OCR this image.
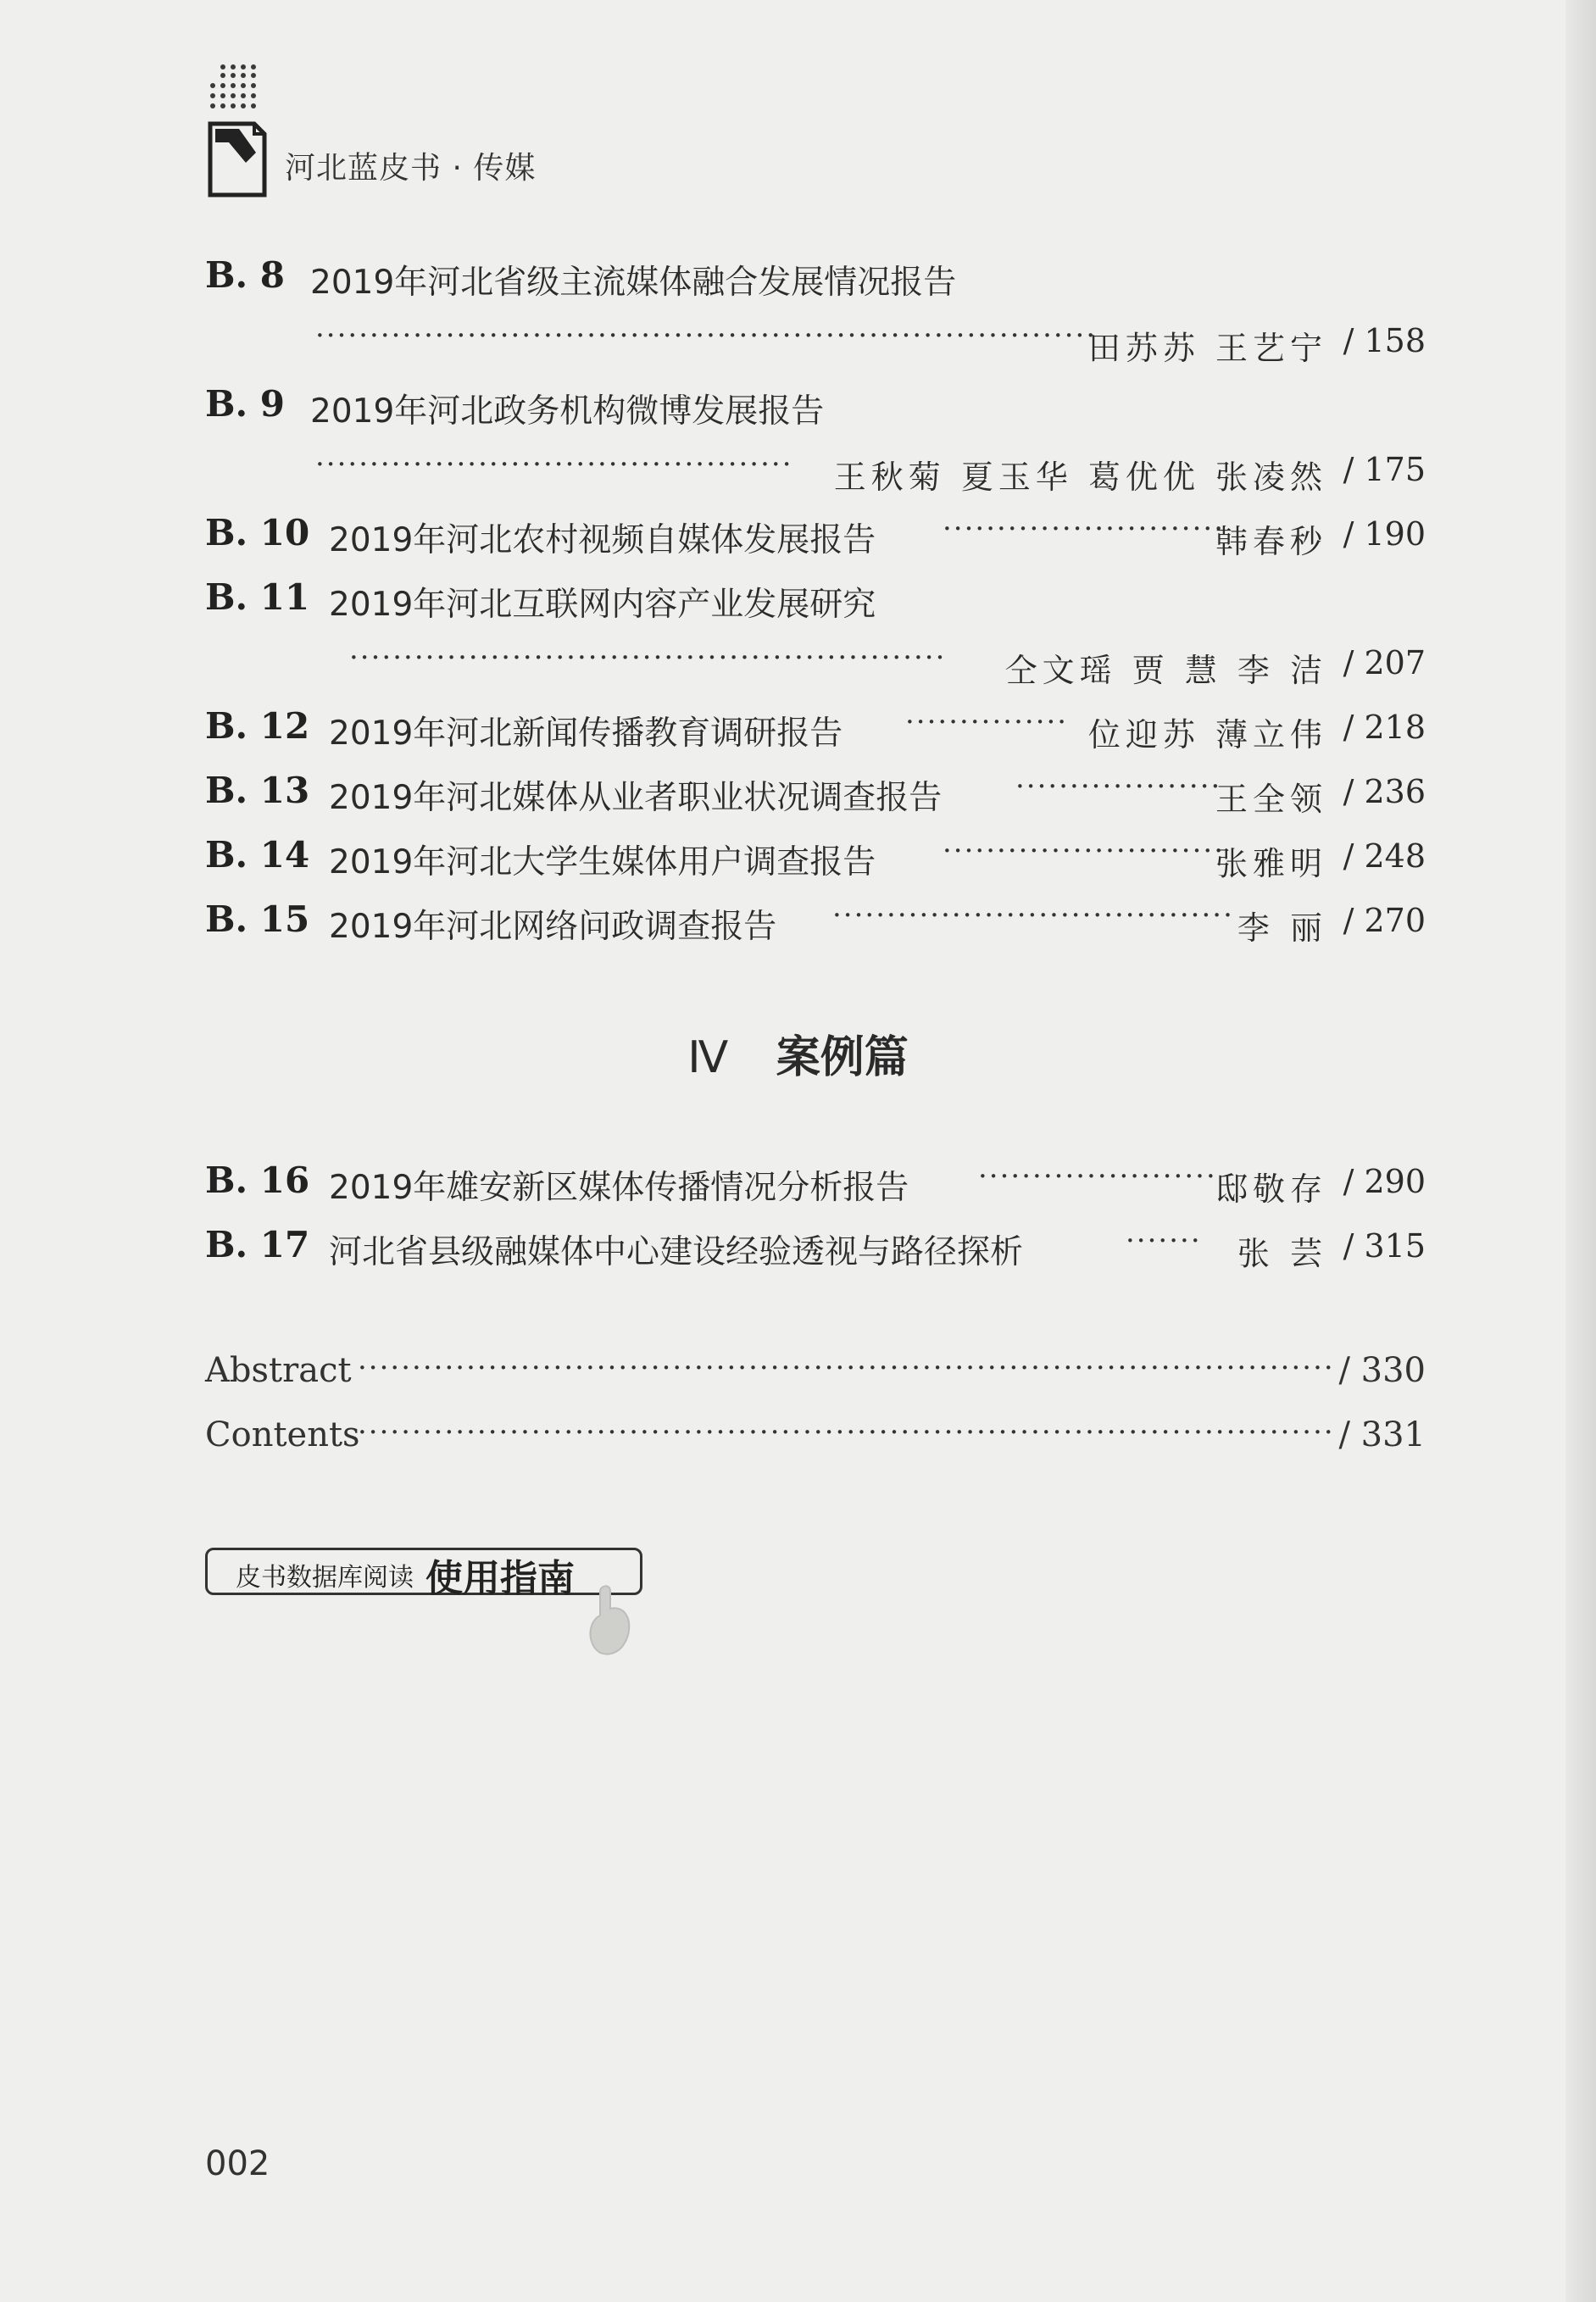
河北蓝皮书 · 传媒
B. 8 2019年河北省级主流媒体融合发展情况报告
········································································
田苏苏 王艺宁 / 158
B. 9 2019年河北政务机构微博发展报告
············································ 王秋菊 夏玉华 葛优优 张凌然 / 175
B. 10 2019年河北农村视频自媒体发展报告 ··························
韩春秒 / 190
B. 11 2019年河北互联网内容产业发展研究
······················································· 仝文瑶 贾 慧 李 洁 / 207
B. 12 2019年河北新闻传播教育调研报告 ··············· 位迎苏 薄立伟 / 218
B. 13 2019年河北媒体从业者职业状况调查报告	···················
王全领 / 236
B. 14 2019年河北大学生媒体用户调查报告 ··························
张雅明 / 248
B. 15 2019年河北网络问政调查报告 ····································· 李 丽 / 270
Ⅳ 案例篇
B. 16 2019年雄安新区媒体传播情况分析报告 ······················
邸敬存 / 290
B. 17 河北省县级融媒体中心建设经验透视与路径探析	······· 张 芸 / 315
Abstract ·························································································· / 330
Contents
·························································································· / 331
皮书数据库阅读 使用指南
002
